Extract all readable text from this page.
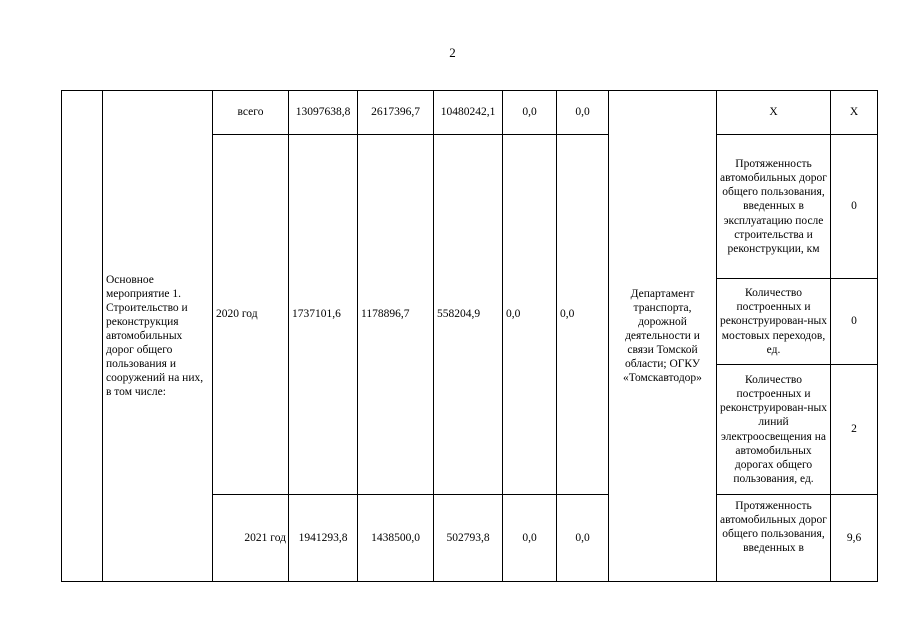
2
	Основное мероприятие 1. Строительство и реконструкция автомобильных дорог общего пользования и сооружений на них, в том числе:	всего	13097638,8	2617396,7	10480242,1	0,0	0,0	Департамент транспорта, дорожной деятельности и связи Томской области; ОГКУ «Томскавтодор»	Х	Х
		2020 год	1737101,6	1178896,7	558204,9	0,0	0,0		Протяженность автомобильных дорог общего пользования, введенных в эксплуатацию после строительства и реконструкции, км	0
									Количество построенных и реконструирован-ных мостовых переходов, ед.	0
									Количество построенных и реконструирован-ных линий электроосвещения на автомобильных дорогах общего пользования, ед.	2
		2021 год	1941293,8	1438500,0	502793,8	0,0	0,0		Протяженность автомобильных дорог общего пользования, введенных в	9,6
